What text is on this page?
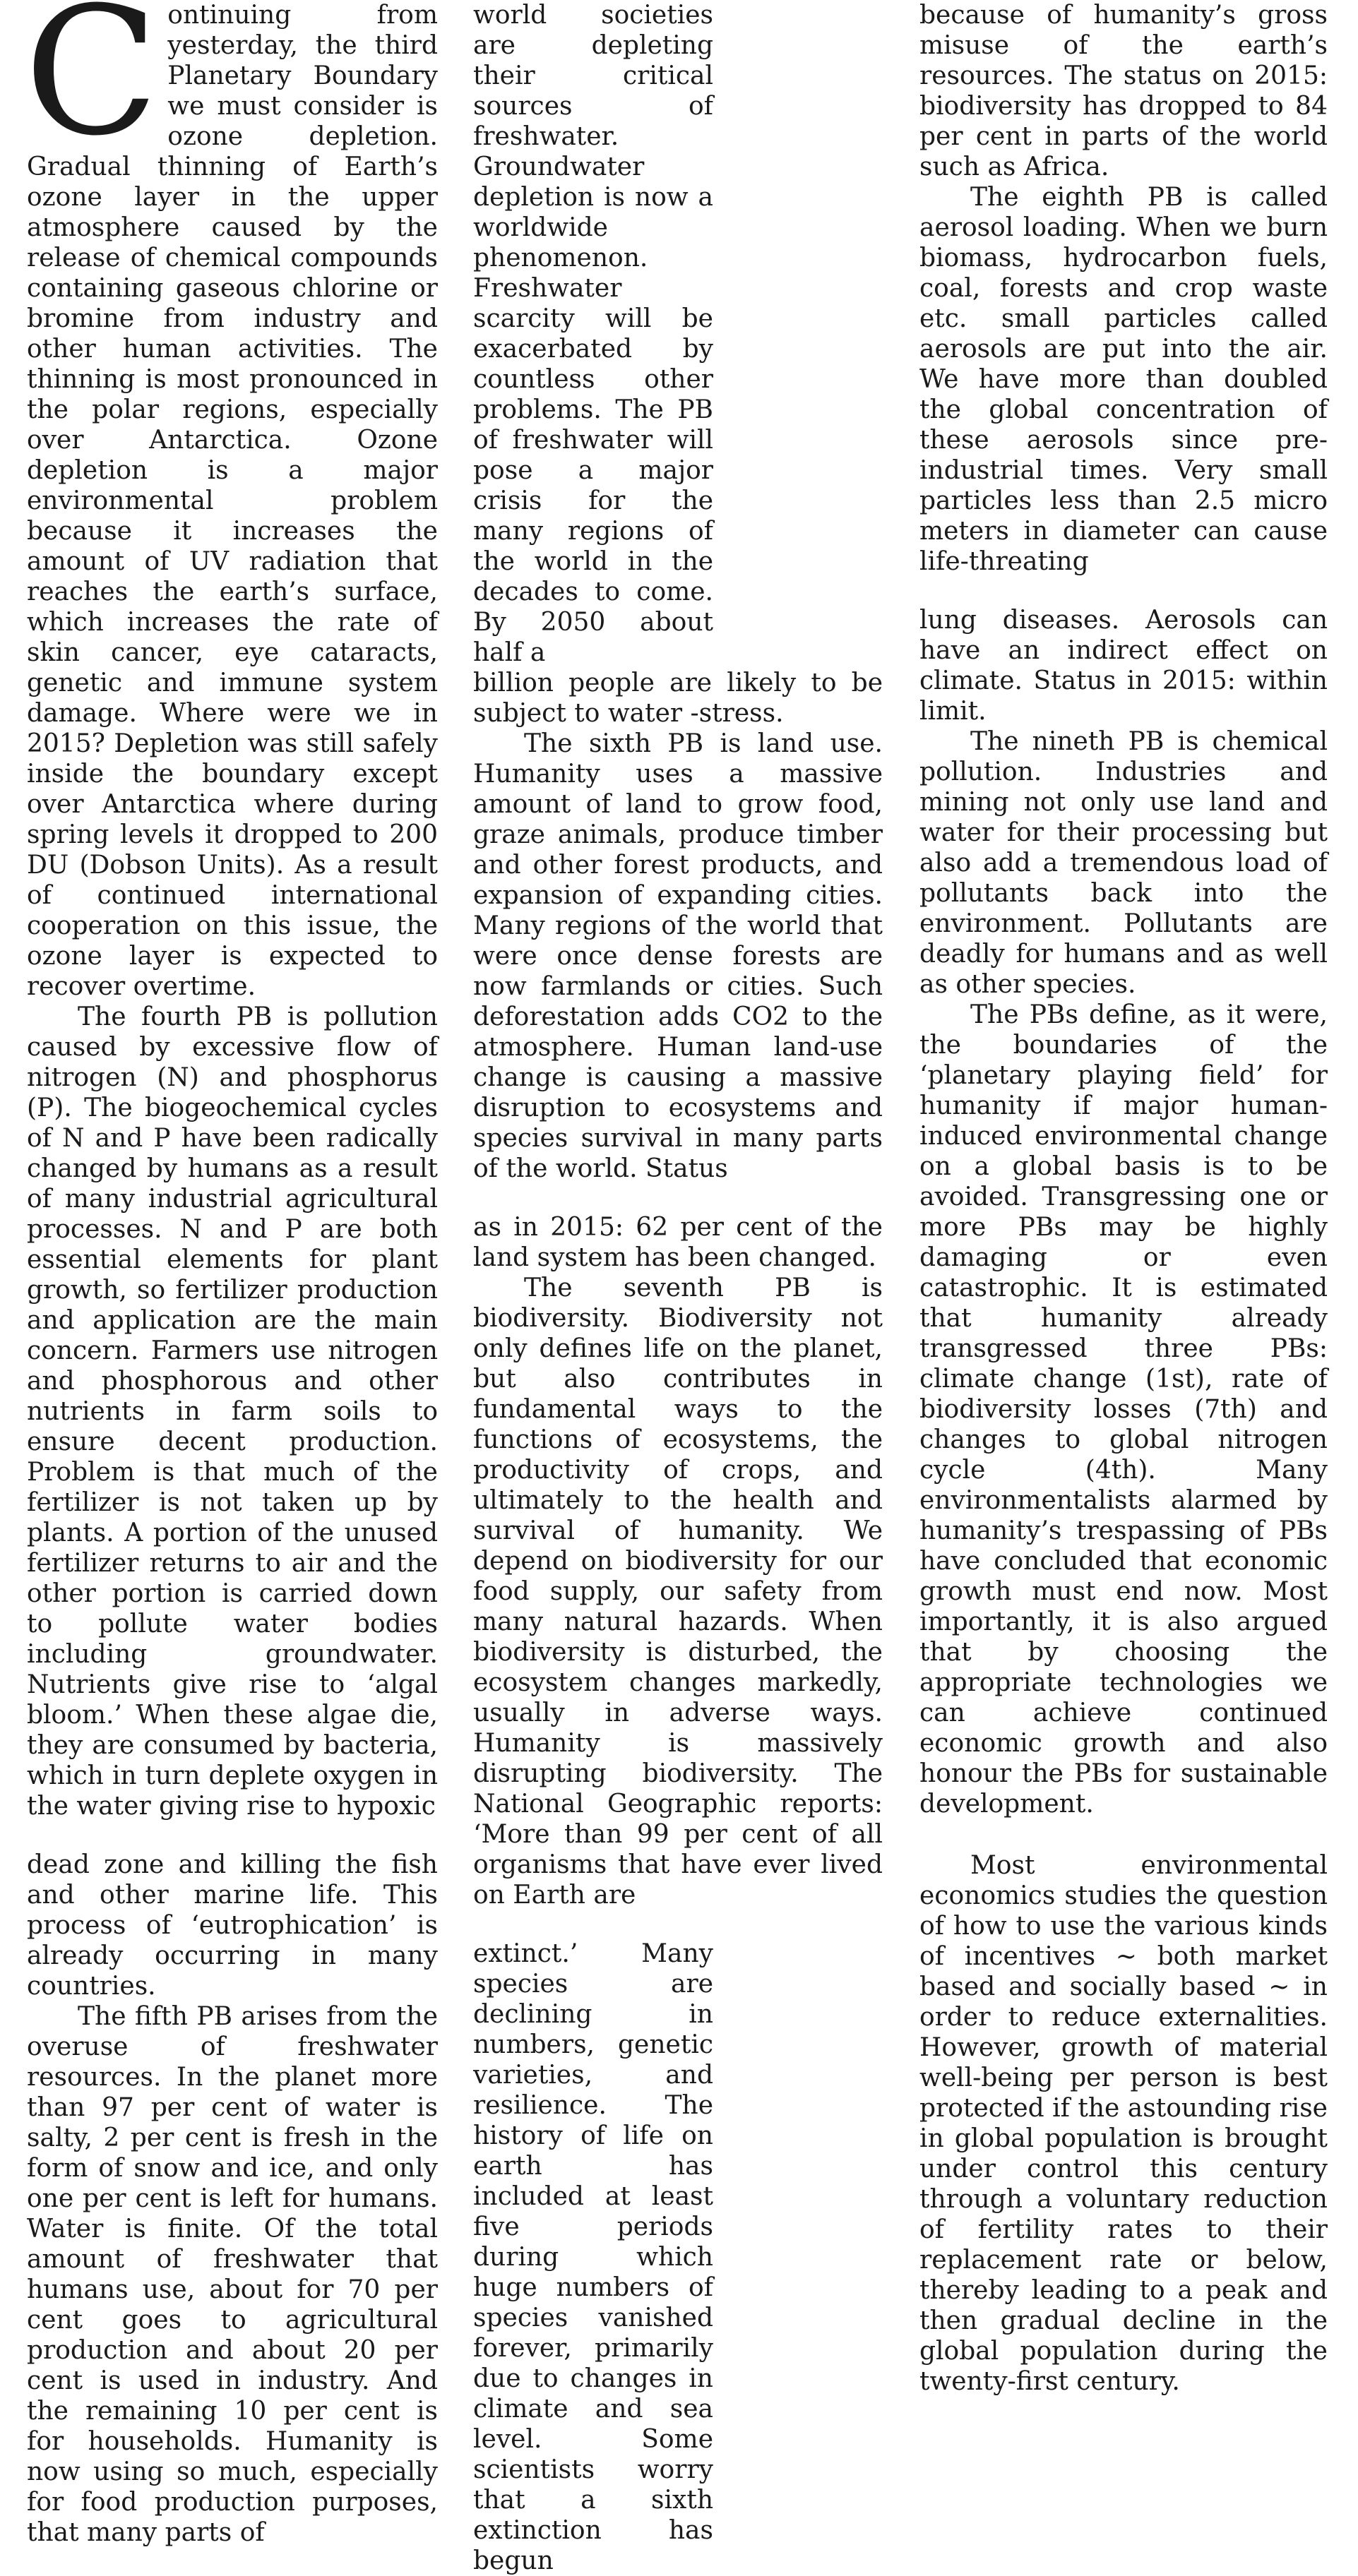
Continuing from yesterday, the third Planetary Boundary we must consider is ozone depletion. Gradual thinning of Earth’s ozone layer in the upper atmosphere caused by the release of chemical compounds containing gaseous chlorine or bromine from industry and other human activities. The thinning is most pronounced in the polar regions, especially over Antarctica. Ozone depletion is a major environmental problem because it increases the amount of UV radiation that reaches the earth’s surface, which increases the rate of skin cancer, eye cataracts, genetic and immune system damage. Where were we in 2015? Depletion was still safely inside the boundary except over Antarctica where during spring levels it dropped to 200 DU (Dobson Units). As a result of continued international cooperation on this issue, the ozone layer is expected to recover overtime.

The fourth PB is pollution caused by excessive flow of nitrogen (N) and phosphorus (P). The biogeochemical cycles of N and P have been radically changed by humans as a result of many industrial agricultural processes. N and P are both essential elements for plant growth, so fertilizer production and application are the main concern. Farmers use nitrogen and phosphorous and other nutrients in farm soils to ensure decent production. Problem is that much of the fertilizer is not taken up by plants. A portion of the unused fertilizer returns to air and the other portion is carried down to pollute water bodies including groundwater. Nutrients give rise to ‘algal bloom.’ When these algae die, they are consumed by bacteria, which in turn deplete oxygen in the water giving rise to hypoxic

dead zone and killing the fish and other marine life. This process of ‘eutrophication’ is already occurring in many countries.

The fifth PB arises from the overuse of freshwater resources. In the planet more than 97 per cent of water is salty, 2 per cent is fresh in the form of snow and ice, and only one per cent is left for humans. Water is finite. Of the total amount of freshwater that humans use, about for 70 per cent goes to agricultural production and about 20 per cent is used in industry. And the remaining 10 per cent is for households. Humanity is now using so much, especially for food production purposes, that many parts of

world societies are depleting their critical sources of freshwater. Groundwater depletion is now a worldwide phenomenon. Freshwater scarcity will be exacerbated by countless other problems. The PB of freshwater will pose a major crisis for the many regions of the world in the decades to come. By 2050 about half a

billion people are likely to be subject to water -stress.

The sixth PB is land use. Humanity uses a massive amount of land to grow food, graze animals, produce timber and other forest products, and expansion of expanding cities. Many regions of the world that were once dense forests are now farmlands or cities. Such deforestation adds CO2 to the atmosphere. Human land-use change is causing a massive disruption to ecosystems and species survival in many parts of the world. Status

as in 2015: 62 per cent of the land system has been changed.

The seventh PB is biodiversity. Biodiversity not only defines life on the planet, but also contributes in fundamental ways to the functions of ecosystems, the productivity of crops, and ultimately to the health and survival of humanity. We depend on biodiversity for our food supply, our safety from many natural hazards. When biodiversity is disturbed, the ecosystem changes markedly, usually in adverse ways. Humanity is massively disrupting biodiversity. The National Geographic reports: ‘More than 99 per cent of all organisms that have ever lived on Earth are

extinct.’ Many species are declining in numbers, genetic varieties, and resilience. The history of life on earth has included at least five periods during which huge numbers of species vanished forever, primarily due to changes in climate and sea level. Some scientists worry that a sixth extinction has begun

because of humanity’s gross misuse of the earth’s resources. The status on 2015: biodiversity has dropped to 84 per cent in parts of the world such as Africa.

The eighth PB is called aerosol loading. When we burn biomass, hydrocarbon fuels, coal, forests and crop waste etc. small particles called aerosols are put into the air. We have more than doubled the global concentration of these aerosols since pre-industrial times. Very small particles less than 2.5 micro meters in diameter can cause life-threating

lung diseases. Aerosols can have an indirect effect on climate. Status in 2015: within limit.

The nineth PB is chemical pollution. Industries and mining not only use land and water for their processing but also add a tremendous load of pollutants back into the environment. Pollutants are deadly for humans and as well as other species.

The PBs define, as it were, the boundaries of the ‘planetary playing field’ for humanity if major human-induced environmental change on a global basis is to be avoided. Transgressing one or more PBs may be highly damaging or even catastrophic. It is estimated that humanity already transgressed three PBs: climate change (1st), rate of biodiversity losses (7th) and changes to global nitrogen cycle (4th). Many environmentalists alarmed by humanity’s trespassing of PBs have concluded that economic growth must end now. Most importantly, it is also argued that by choosing the appropriate technologies we can achieve continued economic growth and also honour the PBs for sustainable development.

Most environmental economics studies the question of how to use the various kinds of incentives ~ both market based and socially based ~ in order to reduce externalities. However, growth of material well-being per person is best protected if the astounding rise in global population is brought under control this century through a voluntary reduction of fertility rates to their replacement rate or below, thereby leading to a peak and then gradual decline in the global population during the twenty-first century.
